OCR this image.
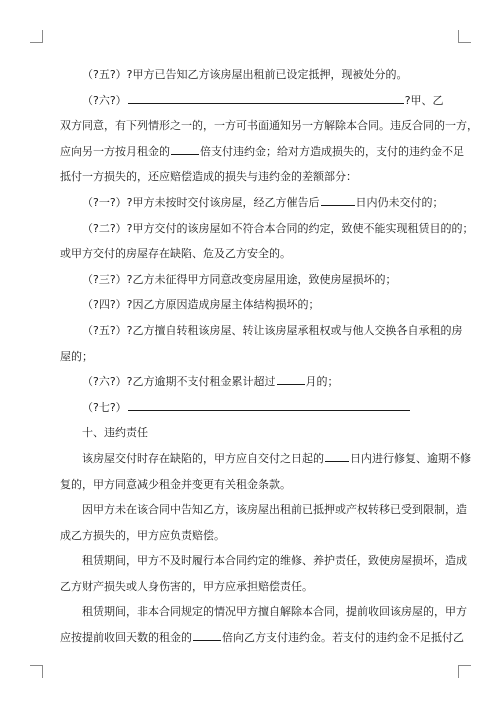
（?五?）?甲方已告知乙方该房屋出租前已设定抵押，现被处分的。
（?六?）	?甲、乙
双方同意，有下列情形之一的，一方可书面通知另一方解除本合同。违反合同的一方，
应向另一方按月租金的	倍支付违约金；给对方造成损失的，支付的违约金不足
抵付一方损失的，还应赔偿造成的损失与违约金的差额部分：
（?一?）?甲方未按时交付该房屋，经乙方催告后	日内仍未交付的；
（?二?）?甲方交付的该房屋如不符合本合同的约定，致使不能实现租赁目的的；
或甲方交付的房屋存在缺陷、危及乙方安全的。
（?三?）?乙方未征得甲方同意改变房屋用途，致使房屋损坏的；
（?四?）?因乙方原因造成房屋主体结构损坏的；
（?五?）?乙方擅自转租该房屋、转让该房屋承租权或与他人交换各自承租的房
屋的；
（?六?）?乙方逾期不支付租金累计超过	月的；
（?七?）
十、违约责任
该房屋交付时存在缺陷的，甲方应自交付之日起的 日内进行修复、逾期不修
复的，甲方同意减少租金并变更有关租金条款。
因甲方未在该合同中告知乙方，该房屋出租前已抵押或产权转移已受到限制，造
成乙方损失的，甲方应负责赔偿。
租赁期间，甲方不及时履行本合同约定的维修、养护责任，致使房屋损坏，造成
乙方财产损失或人身伤害的，甲方应承担赔偿责任。
租赁期间，非本合同规定的情况甲方擅自解除本合同，提前收回该房屋的，甲方
应按提前收回天数的租金的	倍向乙方支付违约金。若支付的违约金不足抵付乙
